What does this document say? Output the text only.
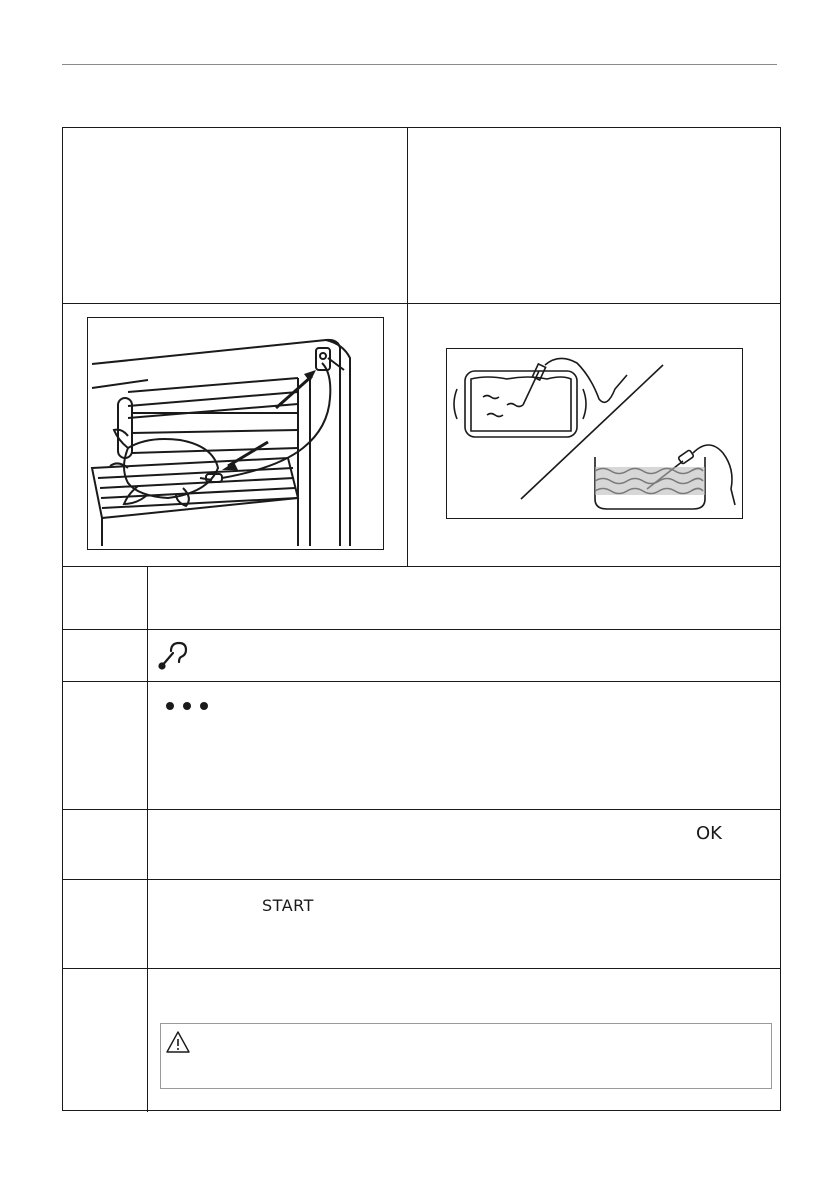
OK
START
